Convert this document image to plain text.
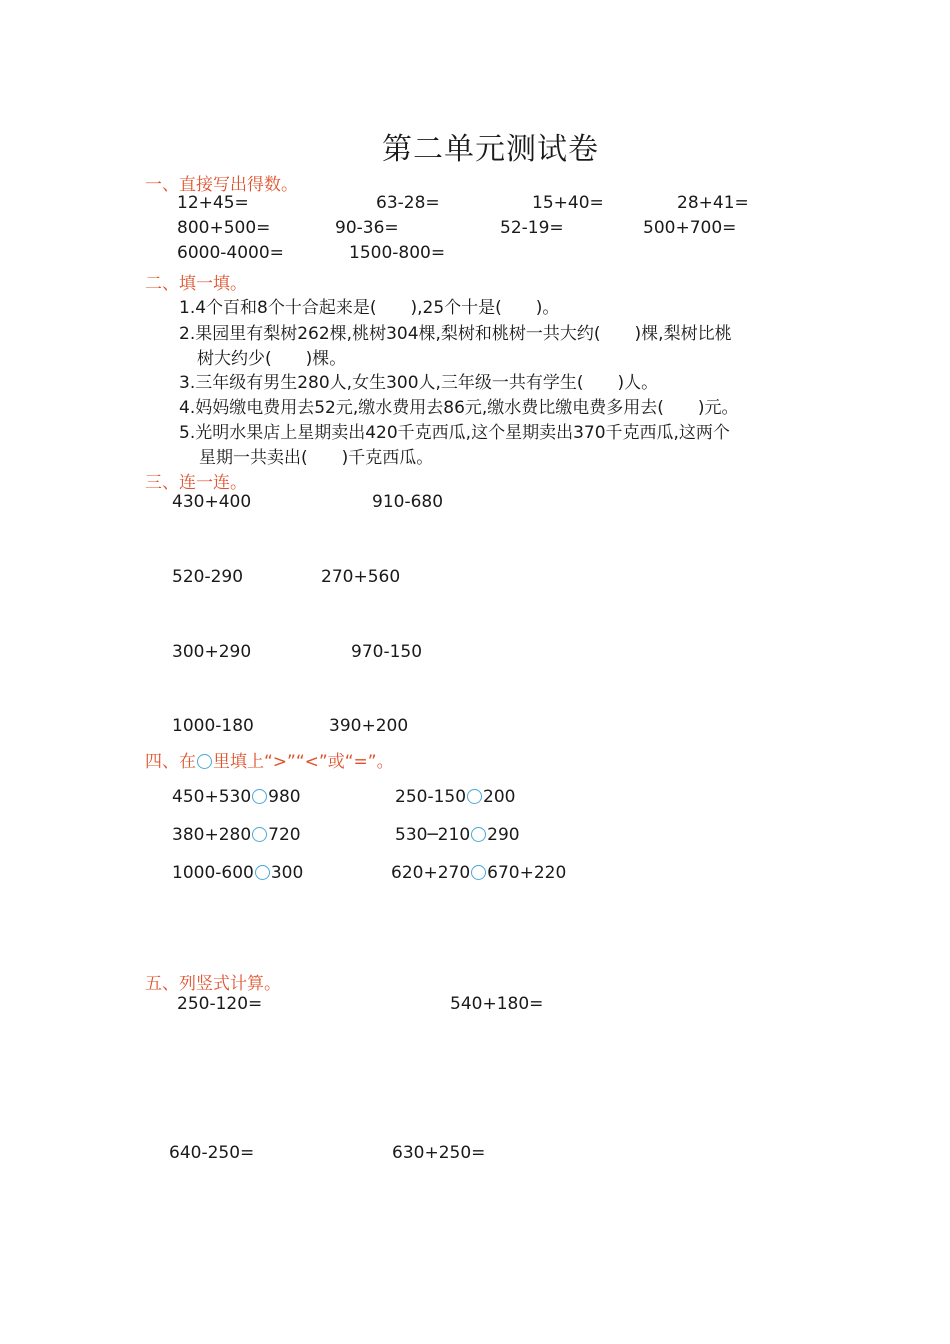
第二单元测试卷
一、直接写出得数。
12+45=	63-28=	15+40=	28+41=
800+500=	90-36=	52-19=	500+700=
6000-4000=	1500-800=
二、填一填。
1.4个百和8个十合起来是(　　),25个十是(　　)。
2.果园里有梨树262棵,桃树304棵,梨树和桃树一共大约(　　)棵,梨树比桃
树大约少(　　)棵。
3.三年级有男生280人,女生300人,三年级一共有学生(　　)人。
4.妈妈缴电费用去52元,缴水费用去86元,缴水费比缴电费多用去(　　)元。
5.光明水果店上星期卖出420千克西瓜,这个星期卖出370千克西瓜,这两个
星期一共卖出(　　)千克西瓜。
三、连一连。
430+400	910-680
520-290	270+560
300+290	970-150
1000-180	390+200
四、在 里填上“>”“<”或“=”。
450+530 980	250-150 200
380+280 720	530─210 290
1000-600 300	620+270 670+220
五、列竖式计算。
250-120=	540+180=
640-250=	630+250=
